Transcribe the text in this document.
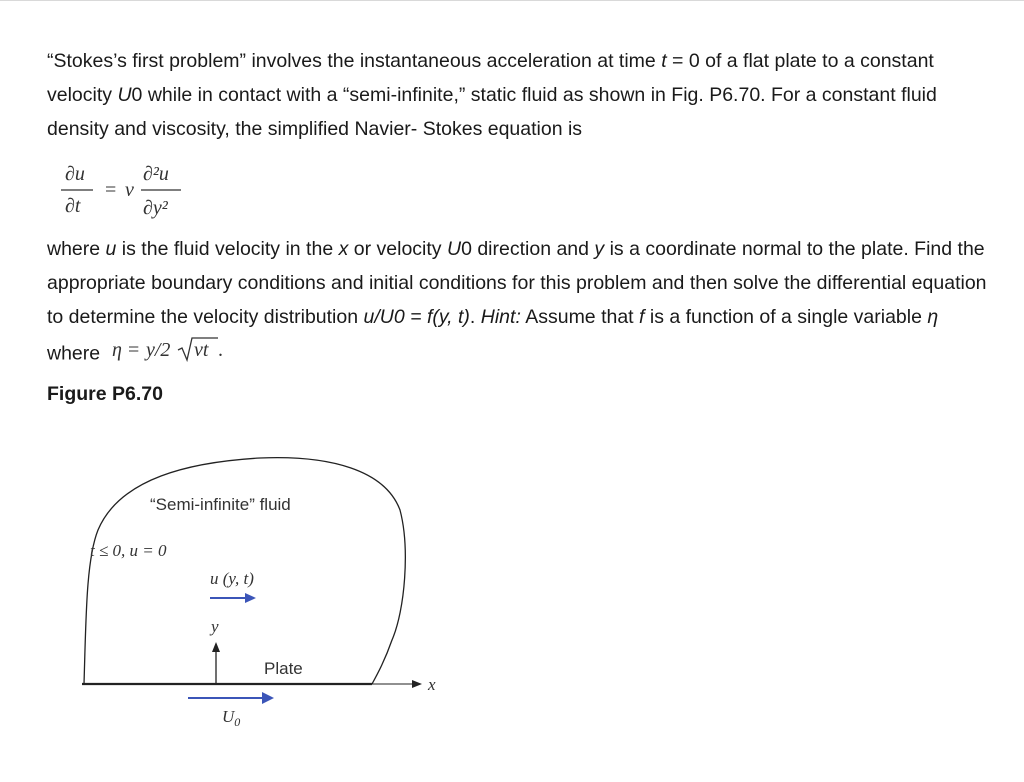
“Stokes’s first problem” involves the instantaneous acceleration at time t = 0 of a flat plate to a constant velocity U0 while in contact with a “semi-infinite,” static fluid as shown in Fig. P6.70. For a constant fluid density and viscosity, the simplified Navier- Stokes equation is

∂u
∂t
= ν
∂²u
∂y²

where u is the fluid velocity in the x or velocity U0 direction and y is a coordinate normal to the plate. Find the appropriate boundary conditions and initial conditions for this problem and then solve the differential equation to determine the velocity distribution u/U0 = f(y, t). Hint: Assume that f is a function of a single variable η where η = y/2 νt .

Figure P6.70
x
“Semi-infinite” fluid
t ≤ 0, u = 0
u (y, t)
y
Plate
$U_0$
